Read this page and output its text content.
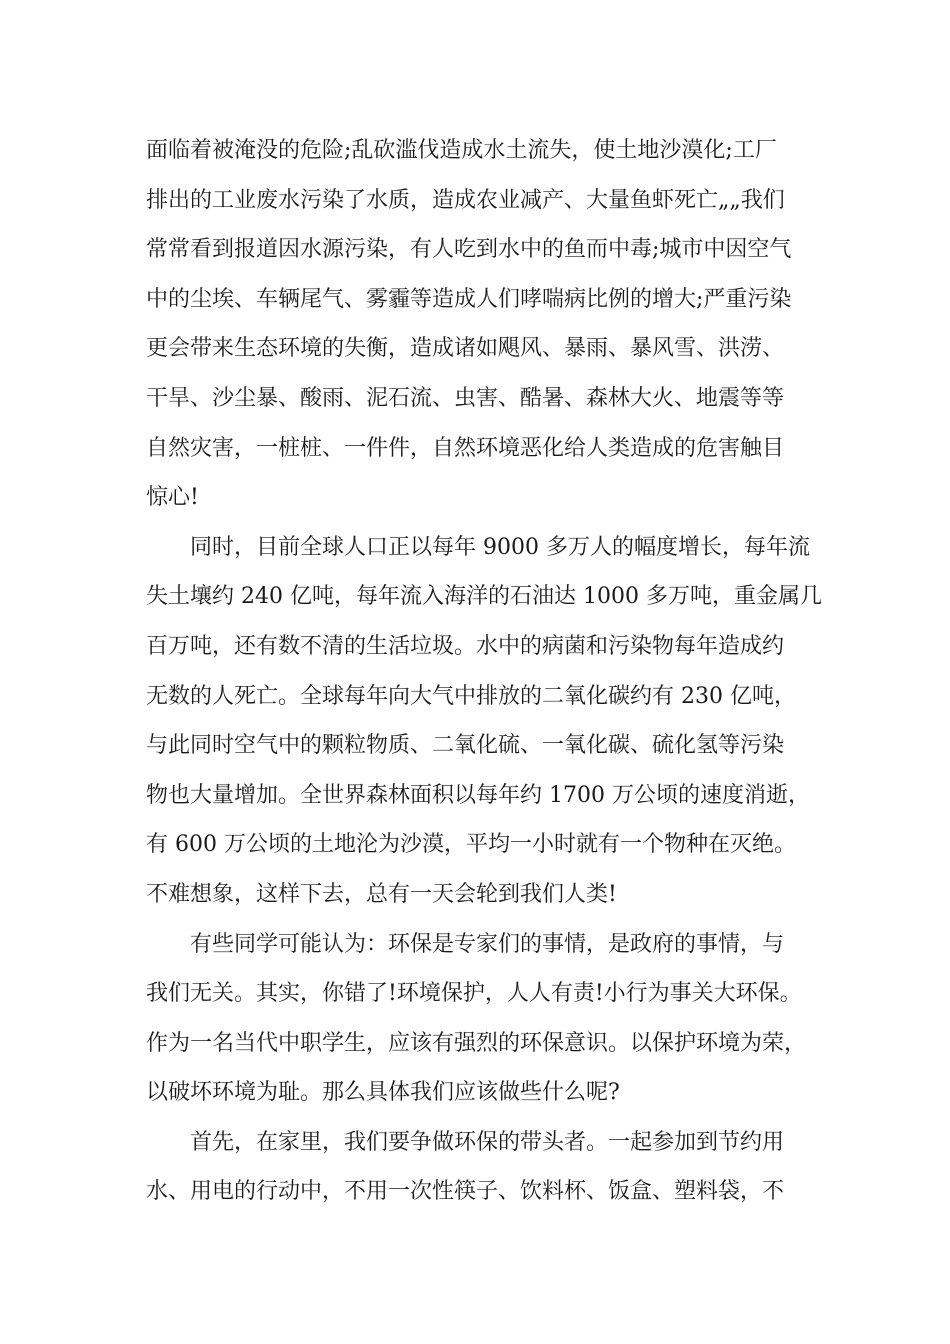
面临着被淹没的危险;乱砍滥伐造成水土流失，使土地沙漠化;工厂
排出的工业废水污染了水质，造成农业减产、大量鱼虾死亡„„我们
常常看到报道因水源污染，有人吃到水中的鱼而中毒;城市中因空气
中的尘埃、车辆尾气、雾霾等造成人们哮喘病比例的增大;严重污染
更会带来生态环境的失衡，造成诸如飓风、暴雨、暴风雪、洪涝、
干旱、沙尘暴、酸雨、泥石流、虫害、酷暑、森林大火、地震等等
自然灾害，一桩桩、一件件，自然环境恶化给人类造成的危害触目
惊心!
同时，目前全球人口正以每年 9000 多万人的幅度增长，每年流
失土壤约 240 亿吨，每年流入海洋的石油达 1000 多万吨，重金属几
百万吨，还有数不清的生活垃圾。水中的病菌和污染物每年造成约
无数的人死亡。全球每年向大气中排放的二氧化碳约有 230 亿吨，
与此同时空气中的颗粒物质、二氧化硫、一氧化碳、硫化氢等污染
物也大量增加。全世界森林面积以每年约 1700 万公顷的速度消逝，
有 600 万公顷的土地沦为沙漠，平均一小时就有一个物种在灭绝。
不难想象，这样下去，总有一天会轮到我们人类!
有些同学可能认为：环保是专家们的事情，是政府的事情，与
我们无关。其实，你错了!环境保护，人人有责!小行为事关大环保。
作为一名当代中职学生，应该有强烈的环保意识。以保护环境为荣，
以破坏环境为耻。那么具体我们应该做些什么呢?
首先，在家里，我们要争做环保的带头者。一起参加到节约用
水、用电的行动中，不用一次性筷子、饮料杯、饭盒、塑料袋，不
